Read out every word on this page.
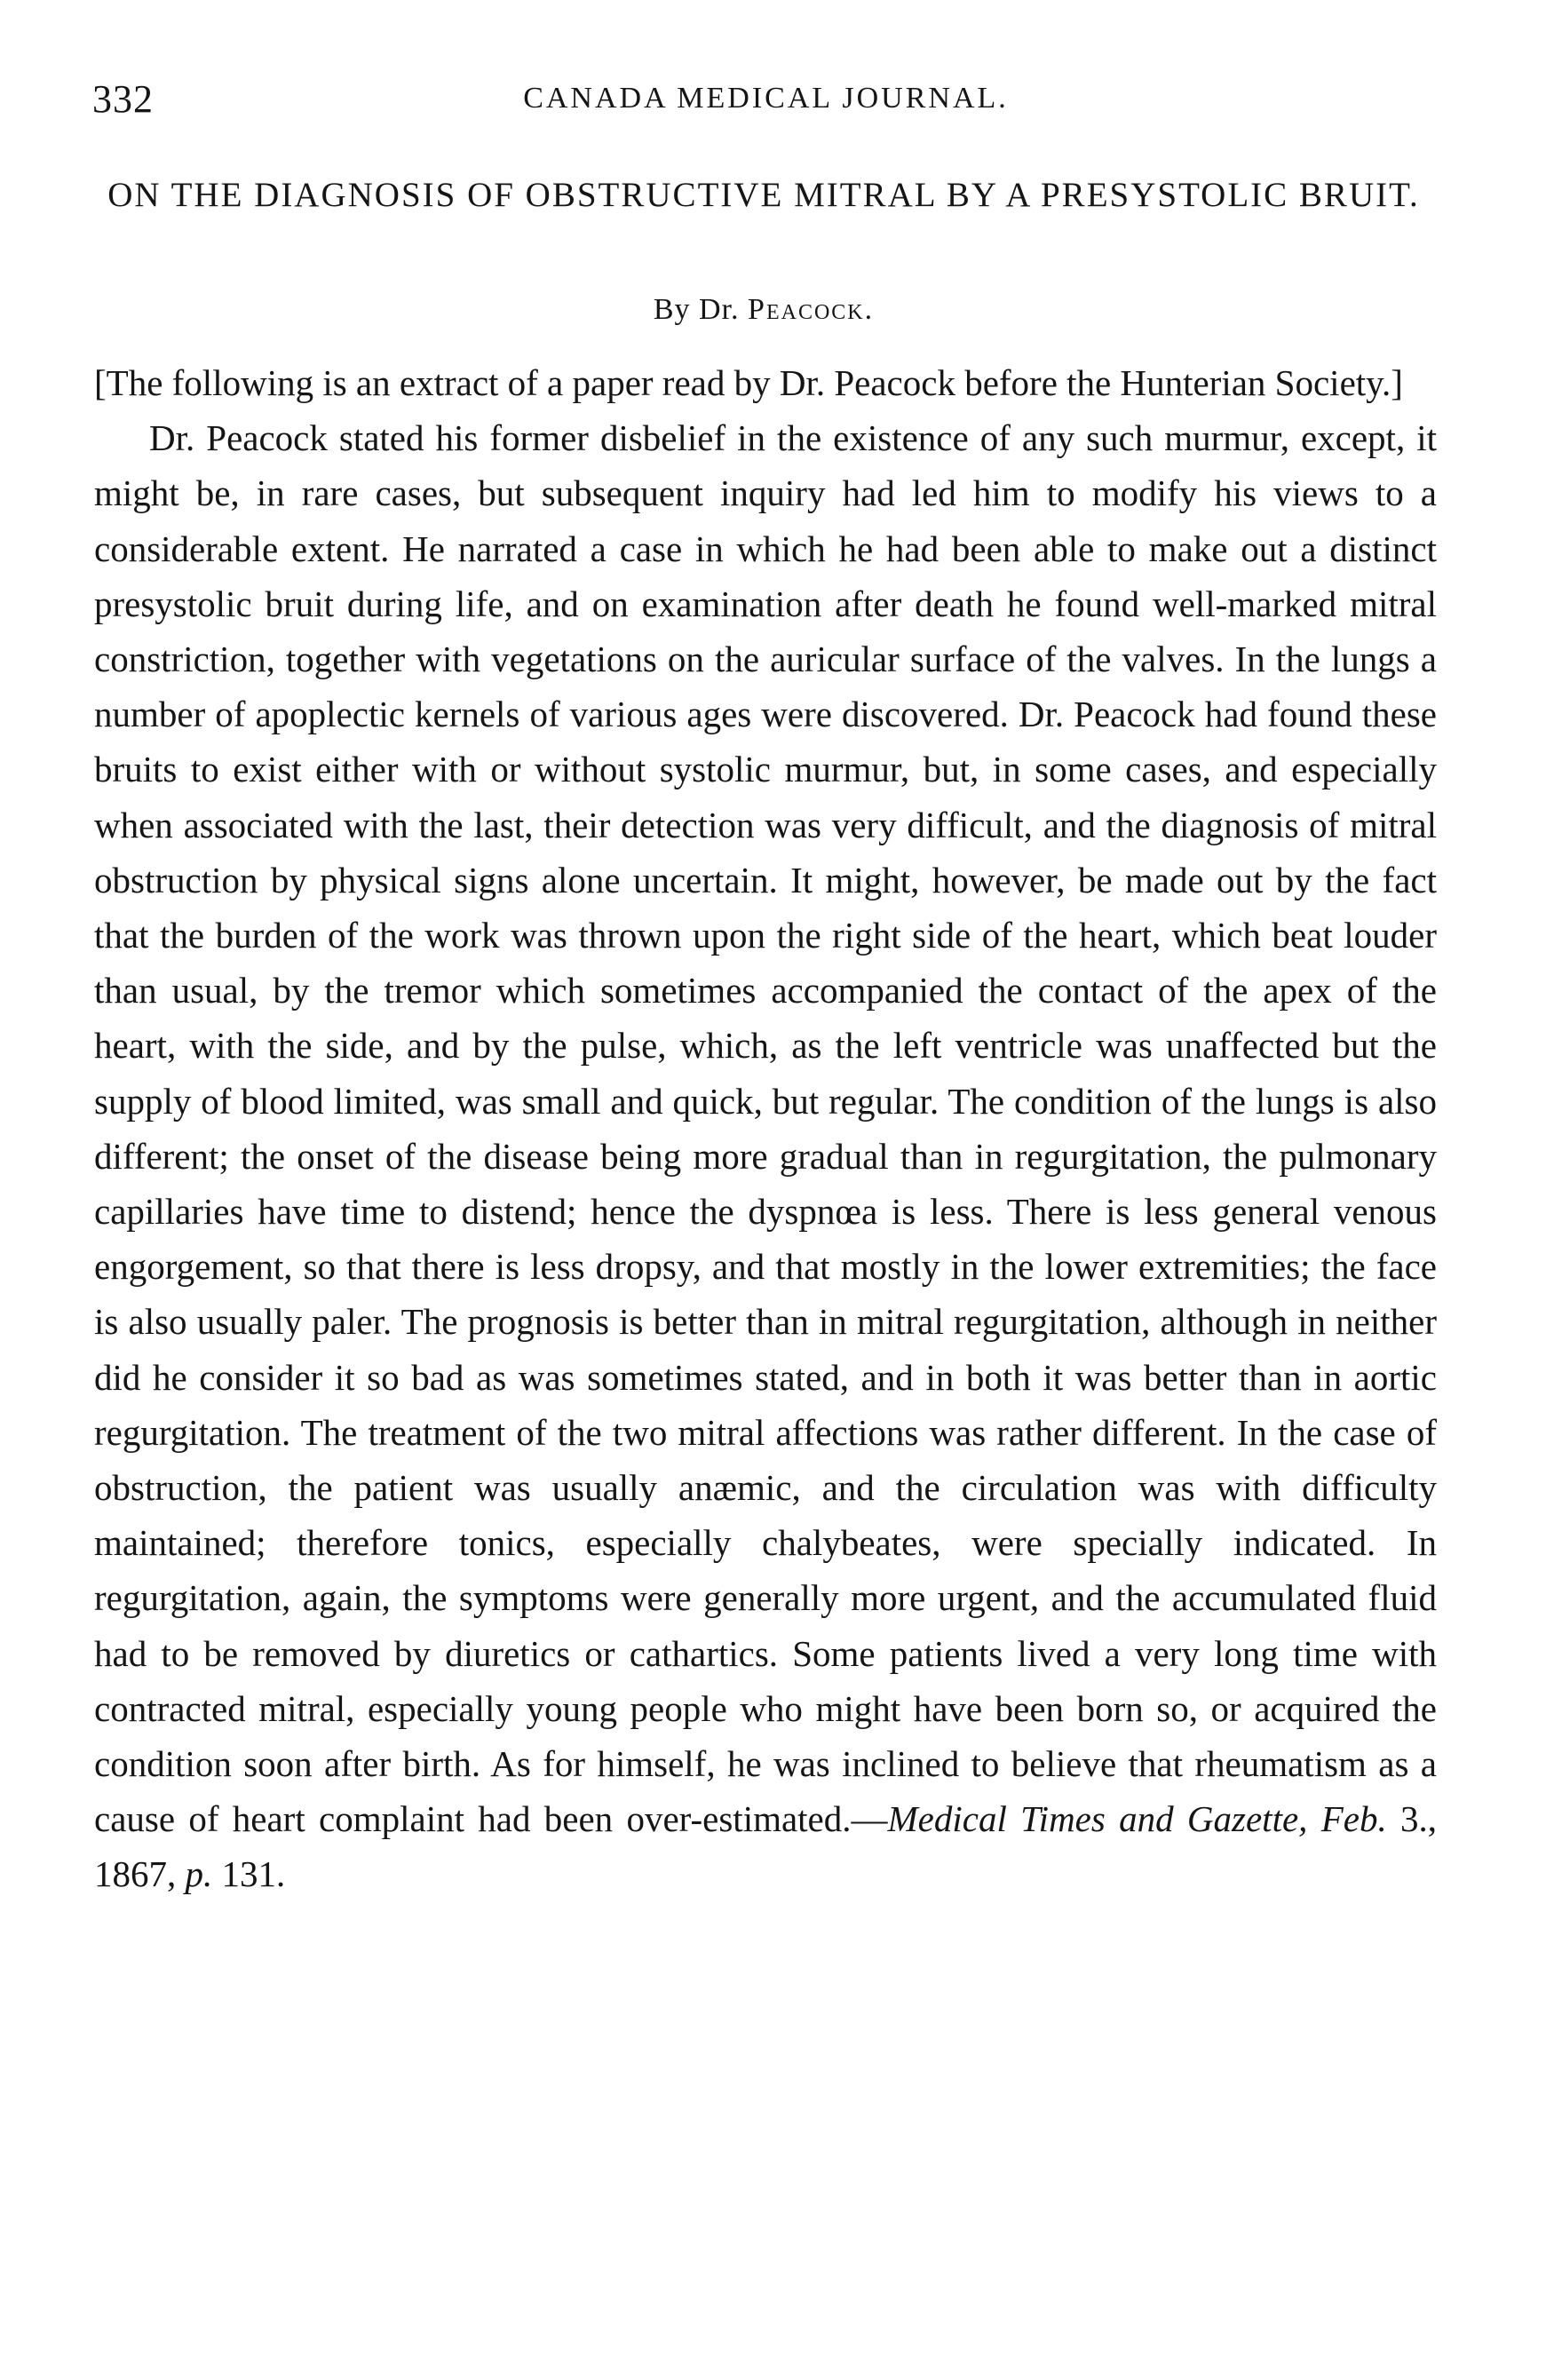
332	CANADA MEDICAL JOURNAL.
ON THE DIAGNOSIS OF OBSTRUCTIVE MITRAL BY A PRESYSTOLIC BRUIT.
By Dr. Peacock.

[The following is an extract of a paper read by Dr. Peacock before the Hunterian Society.]

Dr. Peacock stated his former disbelief in the existence of any such murmur, except, it might be, in rare cases, but subsequent inquiry had led him to modify his views to a considerable extent. He narrated a case in which he had been able to make out a distinct presystolic bruit during life, and on examination after death he found well-marked mitral constriction, together with vegetations on the auricular surface of the valves. In the lungs a number of apoplectic kernels of various ages were discovered. Dr. Peacock had found these bruits to exist either with or without systolic murmur, but, in some cases, and especially when associated with the last, their detection was very difficult, and the diagnosis of mitral obstruction by physical signs alone uncertain. It might, however, be made out by the fact that the burden of the work was thrown upon the right side of the heart, which beat louder than usual, by the tremor which sometimes accompanied the contact of the apex of the heart, with the side, and by the pulse, which, as the left ventricle was unaffected but the supply of blood limited, was small and quick, but regular. The condition of the lungs is also different; the onset of the disease being more gradual than in regurgitation, the pulmonary capillaries have time to distend; hence the dyspnœa is less. There is less general venous engorgement, so that there is less dropsy, and that mostly in the lower extremities; the face is also usually paler. The prognosis is better than in mitral regurgitation, although in neither did he consider it so bad as was sometimes stated, and in both it was better than in aortic regurgitation. The treatment of the two mitral affections was rather different. In the case of obstruction, the patient was usually anæmic, and the circulation was with difficulty maintained; therefore tonics, especially chalybeates, were specially indicated. In regurgitation, again, the symptoms were generally more urgent, and the accumulated fluid had to be removed by diuretics or cathartics. Some patients lived a very long time with contracted mitral, especially young people who might have been born so, or acquired the condition soon after birth. As for himself, he was inclined to believe that rheumatism as a cause of heart complaint had been over-estimated.—Medical Times and Gazette, Feb. 3., 1867, p. 131.
